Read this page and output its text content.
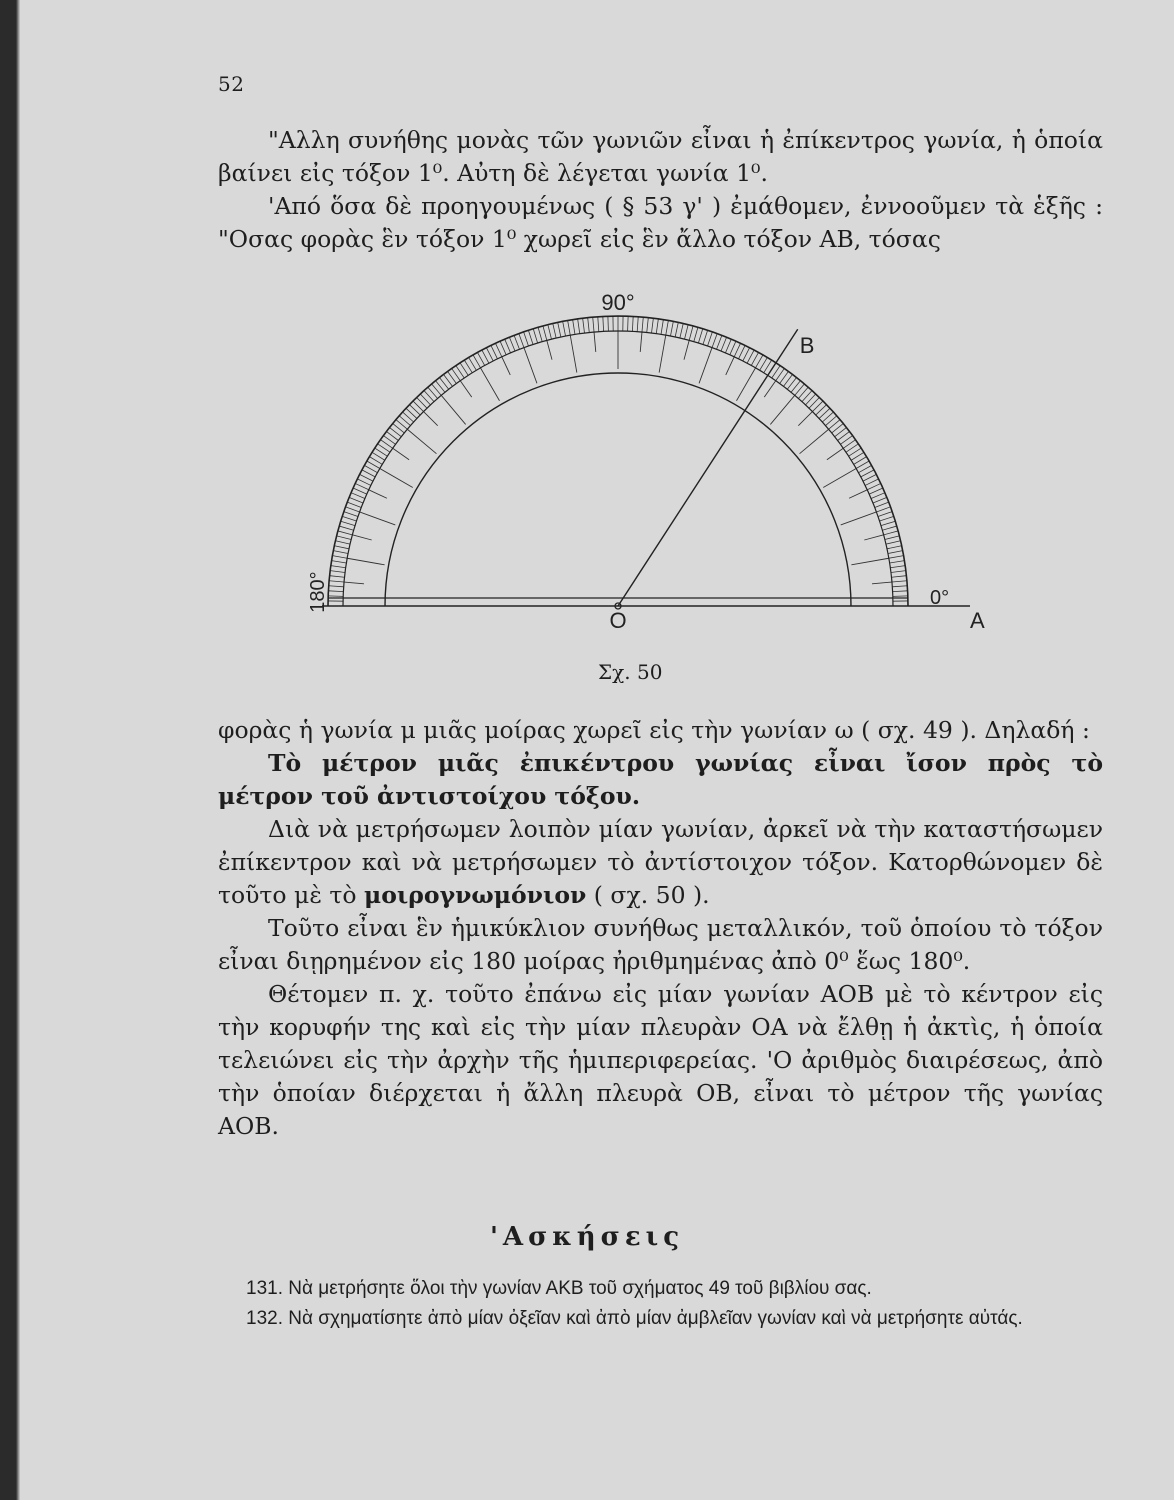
52

"Αλλη συνήθης μονὰς τῶν γωνιῶν εἶναι ἡ ἐπίκεντρος γωνία, ἡ ὁποία βαίνει εἰς τόξον 1⁰. Αὐτη δὲ λέγεται γωνία 1⁰.

'Από ὅσα δὲ προηγουμένως ( § 53 γ' ) ἐμάθομεν, ἐννοοῦμεν τὰ ἑξῆς : "Οσας φορὰς ἓν τόξον 1⁰ χωρεῖ εἰς ἓν ἄλλο τόξον ΑΒ, τόσας

90°
180°	0°
B
O	A
Σχ. 50

φορὰς ἡ γωνία μ μιᾶς μοίρας χωρεῖ εἰς τὴν γωνίαν ω ( σχ. 49 ). Δηλαδή :

Τὸ μέτρον μιᾶς ἐπικέντρου γωνίας εἶναι ἴσον πρὸς τὸ μέτρον τοῦ ἀντιστοίχου τόξου.

Διὰ νὰ μετρήσωμεν λοιπὸν μίαν γωνίαν, ἀρκεῖ νὰ τὴν καταστήσωμεν ἐπίκεντρον καὶ νὰ μετρήσωμεν τὸ ἀντίστοιχον τόξον. Κατορθώνομεν δὲ τοῦτο μὲ τὸ μοιρογνωμόνιον ( σχ. 50 ).

Τοῦτο εἶναι ἓν ἡμικύκλιον συνήθως μεταλλικόν, τοῦ ὁποίου τὸ τόξον εἶναι διῃρημένον εἰς 180 μοίρας ἠριθμημένας ἀπὸ 0⁰ ἕως 180⁰.

Θέτομεν π. χ. τοῦτο ἐπάνω εἰς μίαν γωνίαν ΑΟΒ μὲ τὸ κέντρον εἰς τὴν κορυφήν της καὶ εἰς τὴν μίαν πλευρὰν ΟΑ νὰ ἔλθῃ ἡ ἀκτὶς, ἡ ὁποία τελειώνει εἰς τὴν ἀρχὴν τῆς ἡμιπεριφερείας. 'Ο ἀριθμὸς διαιρέσεως, ἀπὸ τὴν ὁποίαν διέρχεται ἡ ἄλλη πλευρὰ ΟΒ, εἶναι τὸ μέτρον τῆς γωνίας ΑΟΒ.

'Ασκήσεις

131. Νὰ μετρήσητε ὅλοι τὴν γωνίαν ΑΚΒ τοῦ σχήματος 49 τοῦ βιβλίου σας.

132. Νὰ σχηματίσητε ἀπὸ μίαν ὀξεῖαν καὶ ἀπὸ μίαν ἀμβλεῖαν γωνίαν καὶ νὰ μετρήσητε αὐτάς.
